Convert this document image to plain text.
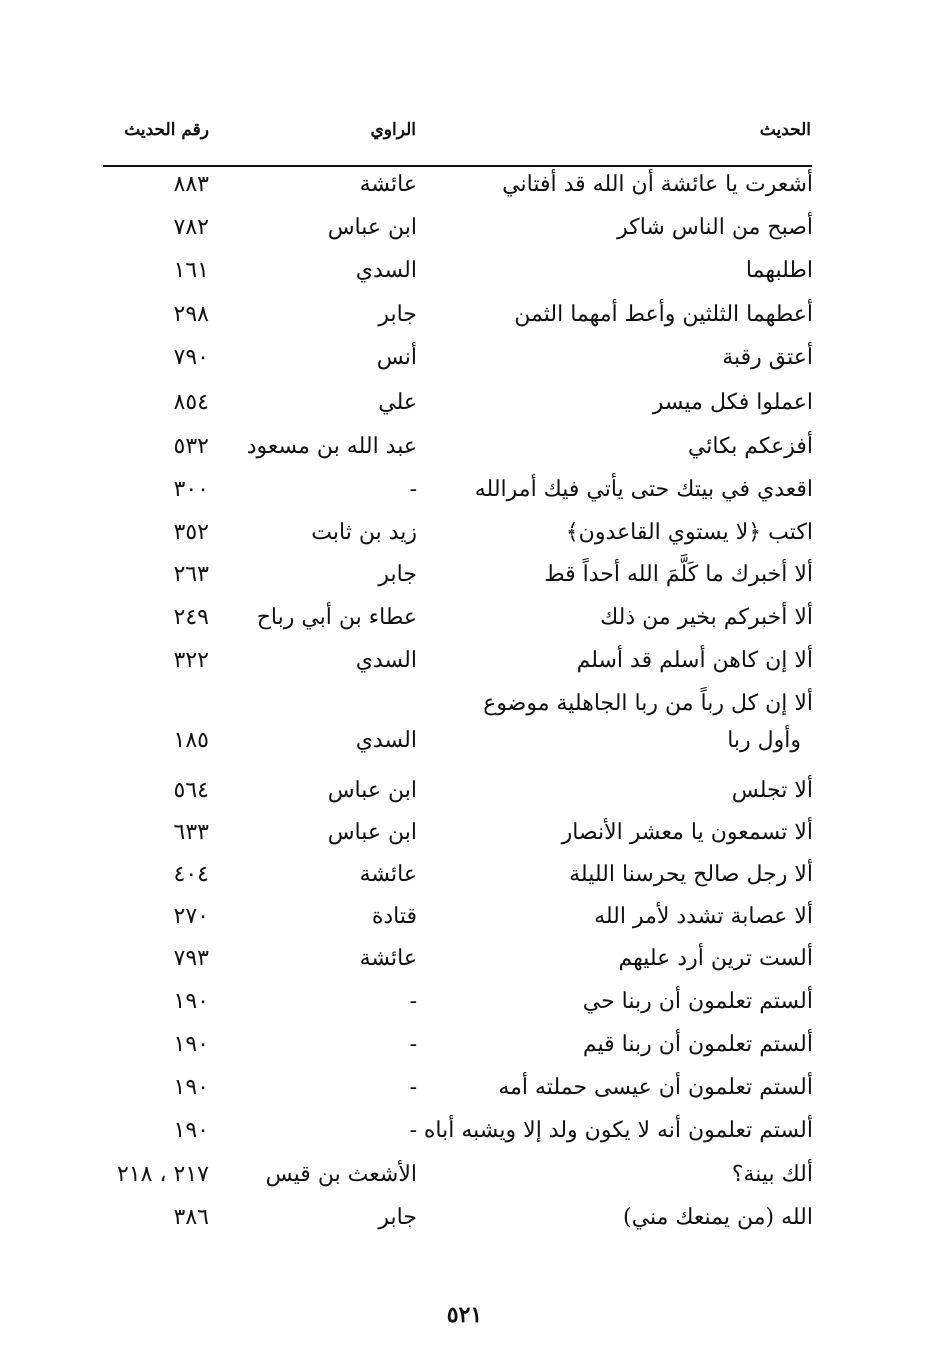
الحديث
الراوي
رقم الحديث
أشعرت يا عائشة أن الله قد أفتاني
عائشة
٨٨٣
أصبح من الناس شاكر
ابن عباس
٧٨٢
اطلبهما
السدي
١٦١
أعطهما الثلثين وأعط أمهما الثمن
جابر
٢٩٨
أعتق رقبة
أنس
٧٩٠
اعملوا فكل ميسر
علي
٨٥٤
أفزعكم بكائي
عبد الله بن مسعود
٥٣٢
اقعدي في بيتك حتى يأتي فيك أمرالله
-
٣٠٠
اكتب ﴿لا يستوي القاعدون﴾
زيد بن ثابت
٣٥٢
ألا أخبرك ما كَلَّمَ الله أحداً قط
جابر
٢٦٣
ألا أخبركم بخير من ذلك
عطاء بن أبي رباح
٢٤٩
ألا إن كاهن أسلم قد أسلم
السدي
٣٢٢
ألا إن كل رباً من ربا الجاهلية موضوع
وأول ربا
السدي
١٨٥
ألا تجلس
ابن عباس
٥٦٤
ألا تسمعون يا معشر الأنصار
ابن عباس
٦٣٣
ألا رجل صالح يحرسنا الليلة
عائشة
٤٠٤
ألا عصابة تشدد لأمر الله
قتادة
٢٧٠
ألست ترين أرد عليهم
عائشة
٧٩٣
ألستم تعلمون أن ربنا حي
-
١٩٠
ألستم تعلمون أن ربنا قيم
-
١٩٠
ألستم تعلمون أن عيسى حملته أمه
-
١٩٠
ألستم تعلمون أنه لا يكون ولد إلا ويشبه أباه
-
١٩٠
ألك بينة؟
الأشعث بن قيس
٢١٧ ، ٢١٨
الله (من يمنعك مني)
جابر
٣٨٦
٥٢١
